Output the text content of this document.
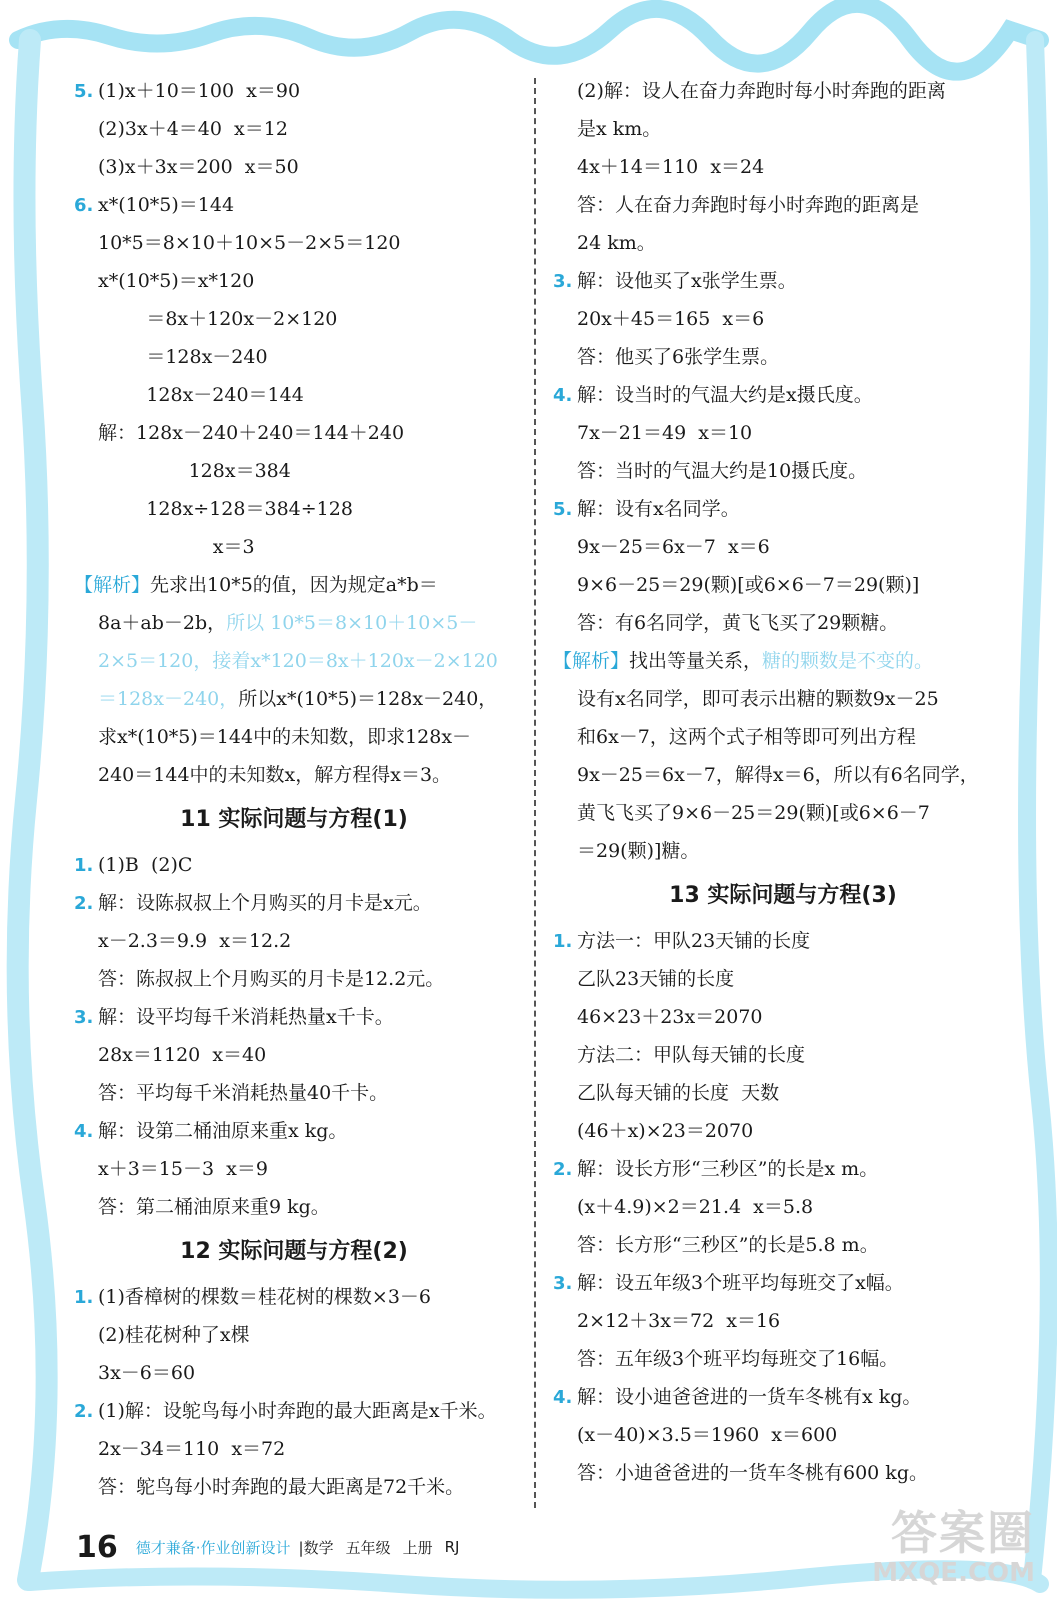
5. (1)x＋10＝100  x＝90
(2)3x＋4＝40  x＝12
(3)x＋3x＝200  x＝50
6. x*(10*5)＝144
10*5＝8×10＋10×5－2×5＝120
x*(10*5)＝x*120
＝8x＋120x－2×120
＝128x－240
128x－240＝144
解：128x－240＋240＝144＋240
128x＝384
128x÷128＝384÷128
x＝3
【解析】先求出10*5的值，因为规定a*b＝
8a＋ab－2b，所以 10*5＝8×10＋10×5－
2×5＝120，接着x*120＝8x＋120x－2×120
＝128x－240，所以x*(10*5)＝128x－240，
求x*(10*5)＝144中的未知数，即求128x－
240＝144中的未知数x，解方程得x＝3。
11 实际问题与方程(1)
1. (1)B  (2)C
2. 解：设陈叔叔上个月购买的月卡是x元。
x－2.3＝9.9  x＝12.2
答：陈叔叔上个月购买的月卡是12.2元。
3. 解：设平均每千米消耗热量x千卡。
28x＝1120  x＝40
答：平均每千米消耗热量40千卡。
4. 解：设第二桶油原来重x kg。
x＋3＝15－3  x＝9
答：第二桶油原来重9 kg。
12 实际问题与方程(2)
1. (1)香樟树的棵数＝桂花树的棵数×3－6
(2)桂花树种了x棵
3x－6＝60
2. (1)解：设鸵鸟每小时奔跑的最大距离是x千米。
2x－34＝110  x＝72
答：鸵鸟每小时奔跑的最大距离是72千米。
(2)解：设人在奋力奔跑时每小时奔跑的距离
是x km。
4x＋14＝110  x＝24
答：人在奋力奔跑时每小时奔跑的距离是
24 km。
3. 解：设他买了x张学生票。
20x＋45＝165  x＝6
答：他买了6张学生票。
4. 解：设当时的气温大约是x摄氏度。
7x－21＝49  x＝10
答：当时的气温大约是10摄氏度。
5. 解：设有x名同学。
9x－25＝6x－7  x＝6
9×6－25＝29(颗)[或6×6－7＝29(颗)]
答：有6名同学，黄飞飞买了29颗糖。
【解析】找出等量关系，糖的颗数是不变的。
设有x名同学，即可表示出糖的颗数9x－25
和6x－7，这两个式子相等即可列出方程
9x－25＝6x－7，解得x＝6，所以有6名同学，
黄飞飞买了9×6－25＝29(颗)[或6×6－7
＝29(颗)]糖。
13 实际问题与方程(3)
1. 方法一：甲队23天铺的长度
乙队23天铺的长度
46×23＋23x＝2070
方法二：甲队每天铺的长度
乙队每天铺的长度  天数
(46＋x)×23＝2070
2. 解：设长方形“三秒区”的长是x m。
(x＋4.9)×2＝21.4  x＝5.8
答：长方形“三秒区”的长是5.8 m。
3. 解：设五年级3个班平均每班交了x幅。
2×12＋3x＝72  x＝16
答：五年级3个班平均每班交了16幅。
4. 解：设小迪爸爸进的一货车冬桃有x kg。
(x－40)×3.5＝1960  x＝600
答：小迪爸爸进的一货车冬桃有600 kg。
16 德才兼备·作业创新设计 |数学 五年级 上册 RJ	答案圈
MXQE.COM
